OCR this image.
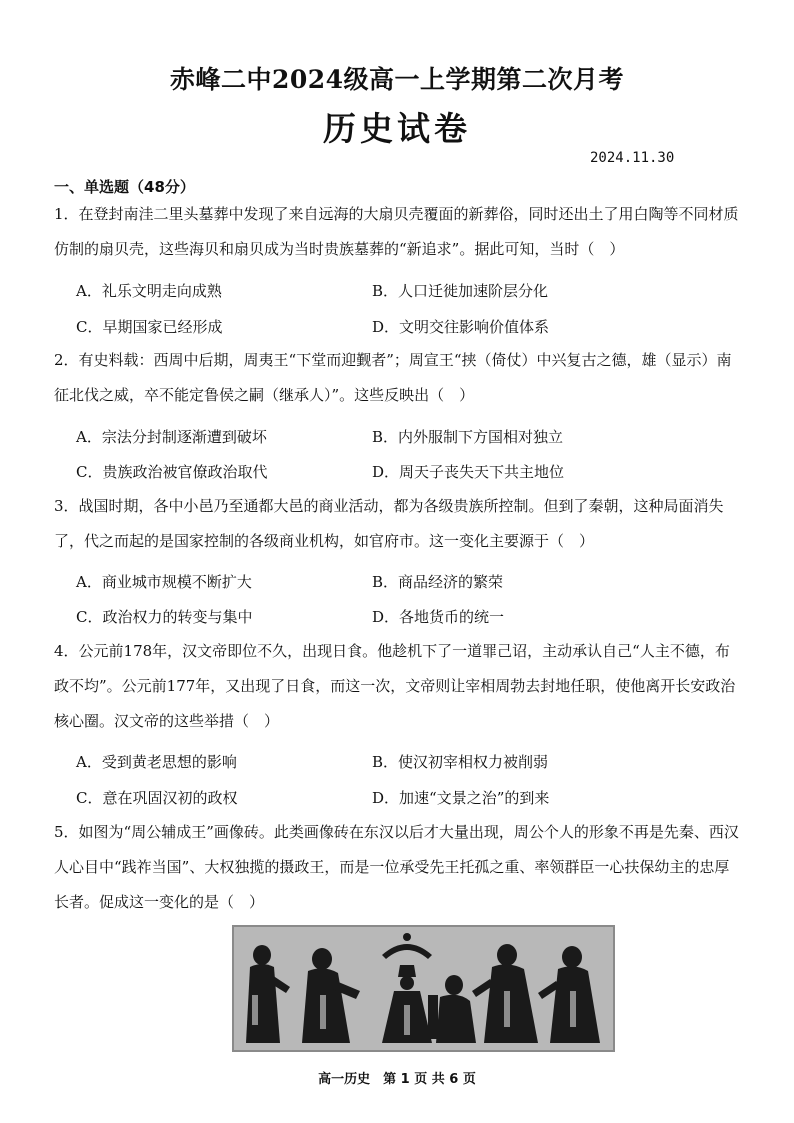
赤峰二中2024级高一上学期第二次月考
历史试卷
2024.11.30
一、单选题（48分）
1．在登封南洼二里头墓葬中发现了来自远海的大扇贝壳覆面的新葬俗，同时还出土了用白陶等不同材质仿制的扇贝壳，这些海贝和扇贝成为当时贵族墓葬的“新追求”。据此可知，当时（　）
A．礼乐文明走向成熟	B．人口迁徙加速阶层分化
C．早期国家已经形成	D．文明交往影响价值体系
2．有史料载：西周中后期，周夷王“下堂而迎觐者”；周宣王“挟（倚仗）中兴复古之德，雄（显示）南征北伐之威，卒不能定鲁侯之嗣（继承人）”。这些反映出（　）
A．宗法分封制逐渐遭到破坏	B．内外服制下方国相对独立
C．贵族政治被官僚政治取代	D．周天子丧失天下共主地位
3．战国时期，各中小邑乃至通都大邑的商业活动，都为各级贵族所控制。但到了秦朝，这种局面消失了，代之而起的是国家控制的各级商业机构，如官府市。这一变化主要源于（　）
A．商业城市规模不断扩大	B．商品经济的繁荣
C．政治权力的转变与集中	D．各地货币的统一
4．公元前178年，汉文帝即位不久，出现日食。他趁机下了一道罪己诏，主动承认自己“人主不德，布政不均”。公元前177年，又出现了日食，而这一次，文帝则让宰相周勃去封地任职，使他离开长安政治核心圈。汉文帝的这些举措（　）
A．受到黄老思想的影响	B．使汉初宰相权力被削弱
C．意在巩固汉初的政权	D．加速“文景之治”的到来
5．如图为“周公辅成王”画像砖。此类画像砖在东汉以后才大量出现，周公个人的形象不再是先秦、西汉人心目中“践祚当国”、大权独揽的摄政王，而是一位承受先王托孤之重、率领群臣一心扶保幼主的忠厚长者。促成这一变化的是（　）
高一历史　第 1 页 共 6 页
